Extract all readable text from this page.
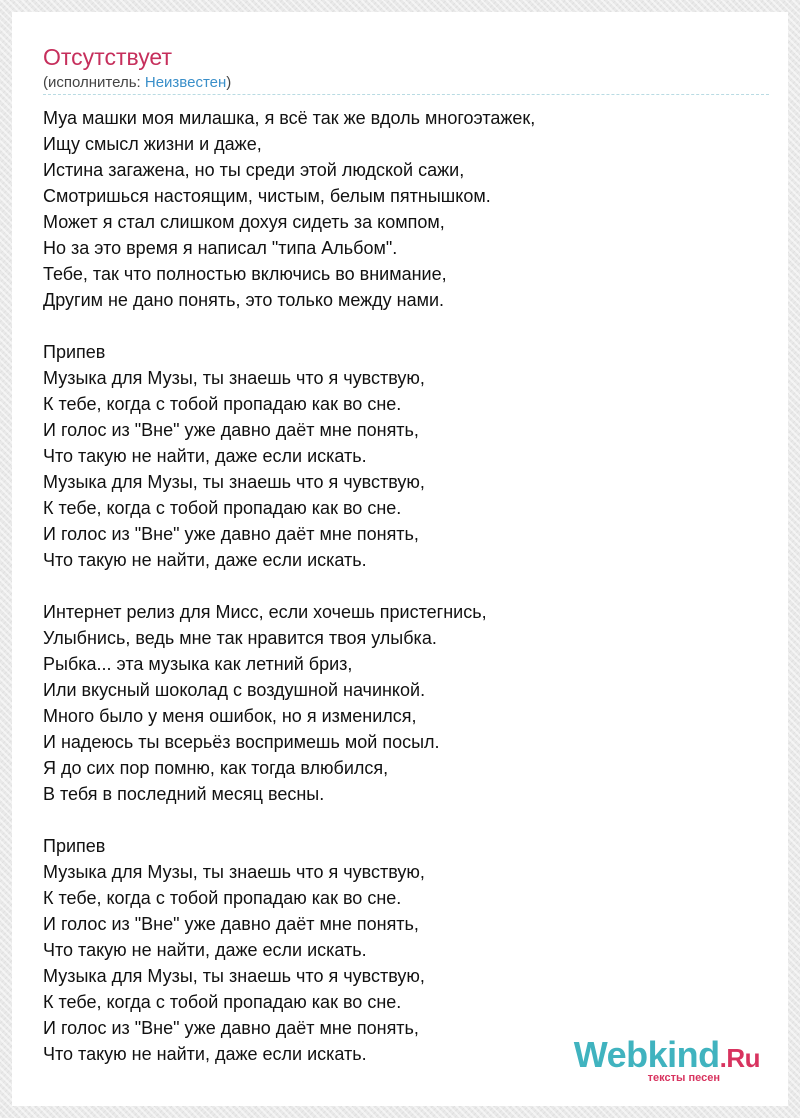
Отсутствует
(исполнитель: Неизвестен)
Муа машки моя милашка, я всё так же вдоль многоэтажек,
Ищу смысл жизни и даже,
Истина загажена, но ты среди этой людской сажи,
Смотришься настоящим, чистым, белым пятнышком.
Может я стал слишком дохуя сидеть за компом,
Но за это время я написал "типа Альбом".
Тебе, так что полностью включись во внимание,
Другим не дано понять, это только между нами.
Припев
Музыка для Музы, ты знаешь что я чувствую,
К тебе, когда с тобой пропадаю как во сне.
И голос из "Вне" уже давно даёт мне понять,
Что такую не найти, даже если искать.
Музыка для Музы, ты знаешь что я чувствую,
К тебе, когда с тобой пропадаю как во сне.
И голос из "Вне" уже давно даёт мне понять,
Что такую не найти, даже если искать.
Интернет релиз для Мисс, если хочешь пристегнись,
Улыбнись, ведь мне так нравится твоя улыбка.
Рыбка... эта музыка как летний бриз,
Или вкусный шоколад с воздушной начинкой.
Много было у меня ошибок, но я изменился,
И надеюсь ты всерьёз воспримешь мой посыл.
Я до сих пор помню, как тогда влюбился,
В тебя в последний месяц весны.
Припев
Музыка для Музы, ты знаешь что я чувствую,
К тебе, когда с тобой пропадаю как во сне.
И голос из "Вне" уже давно даёт мне понять,
Что такую не найти, даже если искать.
Музыка для Музы, ты знаешь что я чувствую,
К тебе, когда с тобой пропадаю как во сне.
И голос из "Вне" уже давно даёт мне понять,
Что такую не найти, даже если искать.	Webkind.Ru
тексты песен
